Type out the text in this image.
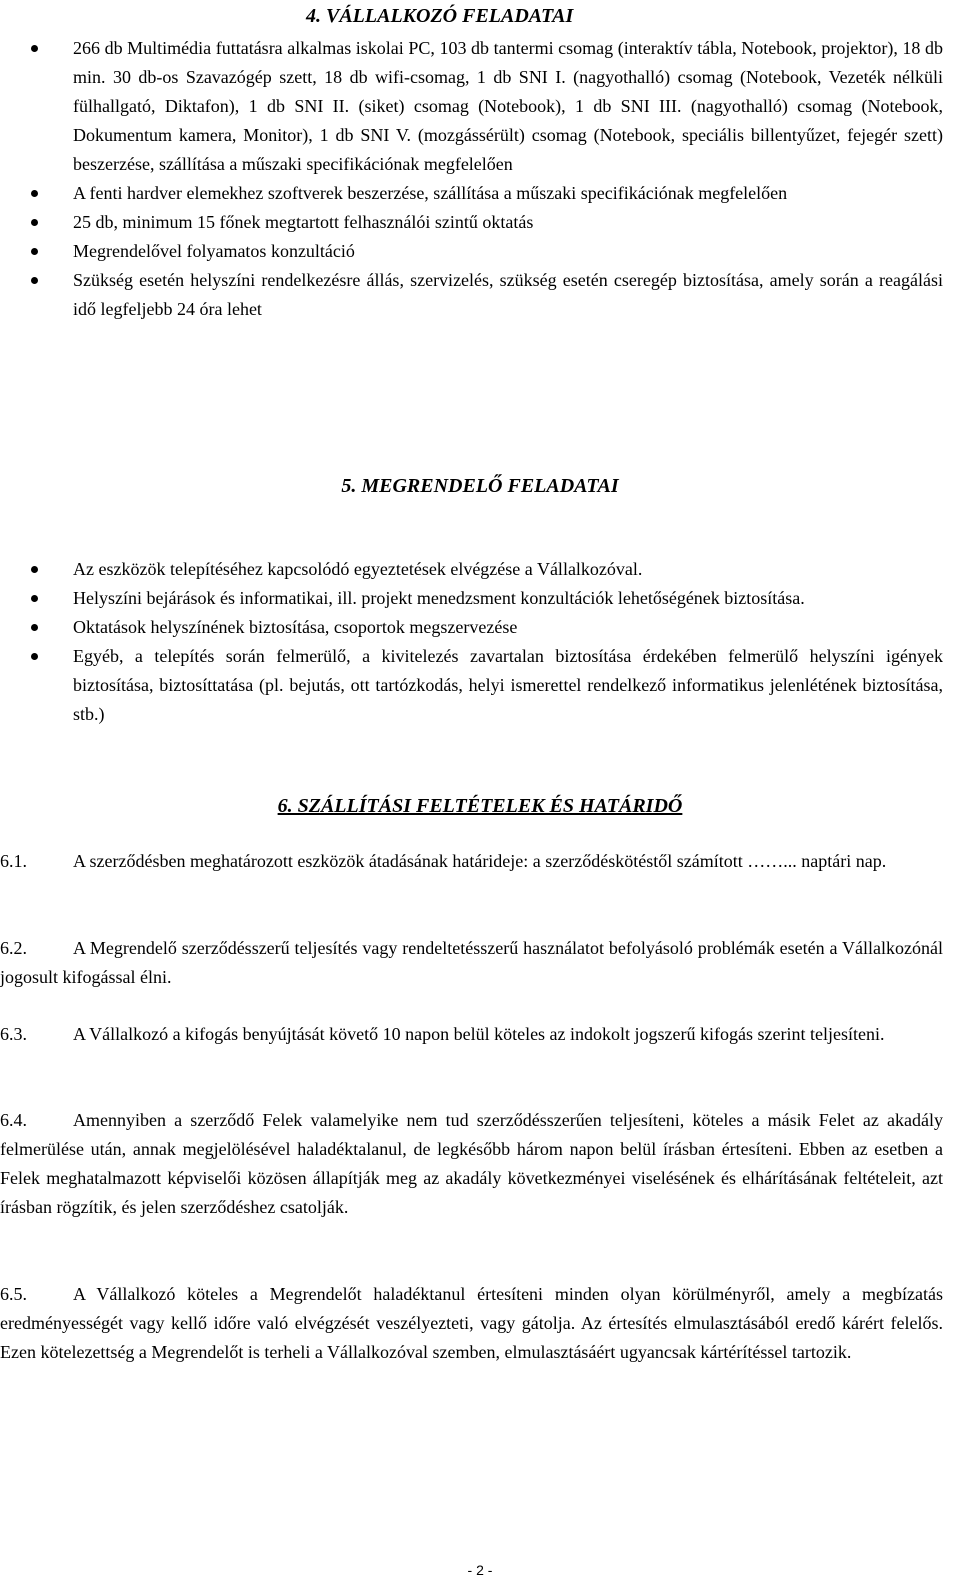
4. VÁLLALKOZÓ FELADATAI
266 db Multimédia futtatásra alkalmas iskolai PC, 103 db tantermi csomag (interaktív tábla, Notebook, projektor), 18 db min. 30 db-os Szavazógép szett, 18 db wifi-csomag, 1 db SNI I. (nagyothalló) csomag (Notebook, Vezeték nélküli fülhallgató, Diktafon), 1 db SNI II. (siket) csomag (Notebook), 1 db SNI III. (nagyothalló) csomag (Notebook, Dokumentum kamera, Monitor), 1 db SNI V. (mozgássérült) csomag (Notebook, speciális billentyűzet, fejegér szett) beszerzése, szállítása a műszaki specifikációnak megfelelően
A fenti hardver elemekhez szoftverek beszerzése, szállítása a műszaki specifikációnak megfelelően
25 db, minimum 15 főnek megtartott felhasználói szintű oktatás
Megrendelővel folyamatos konzultáció
Szükség esetén helyszíni rendelkezésre állás, szervizelés, szükség esetén cseregép biztosítása, amely során a reagálási idő legfeljebb 24 óra lehet
5. MEGRENDELŐ FELADATAI
Az eszközök telepítéséhez kapcsolódó egyeztetések elvégzése a Vállalkozóval.
Helyszíni bejárások és informatikai, ill. projekt menedzsment konzultációk lehetőségének biztosítása.
Oktatások helyszínének biztosítása, csoportok megszervezése
Egyéb, a telepítés során felmerülő, a kivitelezés zavartalan biztosítása érdekében felmerülő helyszíni igények biztosítása, biztosíttatása (pl. bejutás, ott tartózkodás, helyi ismerettel rendelkező informatikus jelenlétének biztosítása, stb.)
6. SZÁLLÍTÁSI FELTÉTELEK ÉS HATÁRIDŐ
6.1.	A szerződésben meghatározott eszközök átadásának határideje: a szerződéskötéstől számított ……... naptári nap.
6.2.	A Megrendelő szerződésszerű teljesítés vagy rendeltetésszerű használatot befolyásoló problémák esetén a Vállalkozónál jogosult kifogással élni.
6.3.	A Vállalkozó a kifogás benyújtását követő 10 napon belül köteles az indokolt jogszerű kifogás szerint teljesíteni.
6.4.	Amennyiben a szerződő Felek valamelyike nem tud szerződésszerűen teljesíteni, köteles a másik Felet az akadály felmerülése után, annak megjelölésével haladéktalanul, de legkésőbb három napon belül írásban értesíteni. Ebben az esetben a Felek meghatalmazott képviselői közösen állapítják meg az akadály következményei viselésének és elhárításának feltételeit, azt írásban rögzítik, és jelen szerződéshez csatolják.
6.5.	A Vállalkozó köteles a Megrendelőt haladéktanul értesíteni minden olyan körülményről, amely a megbízatás eredményességét vagy kellő időre való elvégzését veszélyezteti, vagy gátolja. Az értesítés elmulasztásából eredő kárért felelős. Ezen kötelezettség a Megrendelőt is terheli a Vállalkozóval szemben, elmulasztásáért ugyancsak kártérítéssel tartozik.
- 2 -
